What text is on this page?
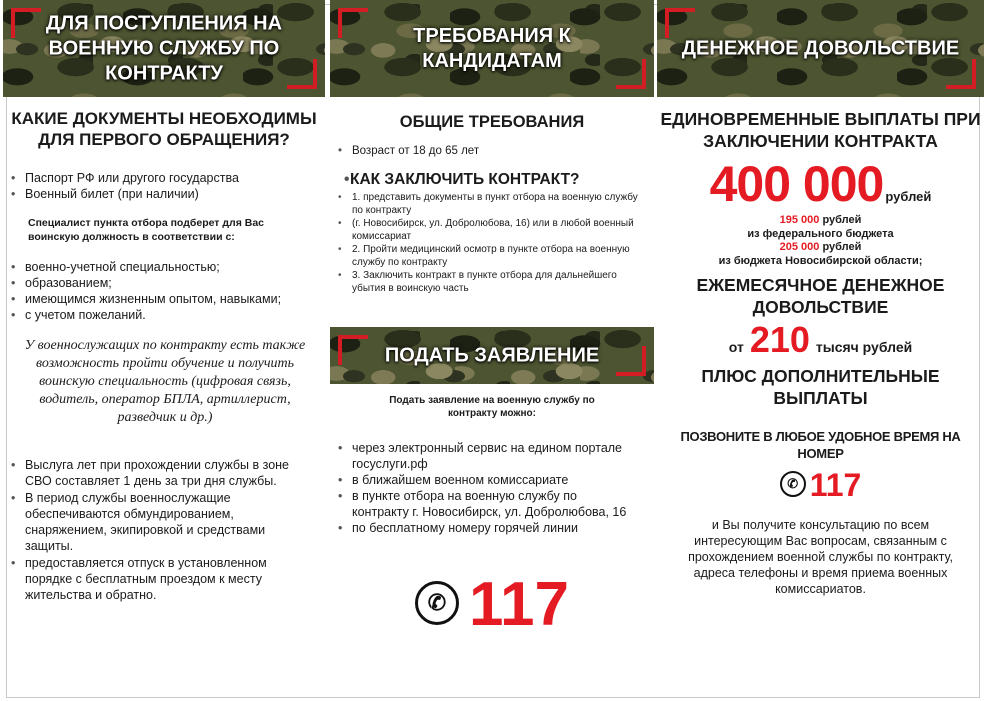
ДЛЯ ПОСТУПЛЕНИЯ НА ВОЕННУЮ СЛУЖБУ ПО КОНТРАКТУ
КАКИЕ ДОКУМЕНТЫ НЕОБХОДИМЫ ДЛЯ ПЕРВОГО ОБРАЩЕНИЯ?
• Паспорт РФ или другого государства
• Военный билет (при наличии)
Специалист пункта отбора подберет для Вас воинскую должность в соответствии с:
• военно-учетной специальностью;
• образованием;
• имеющимся жизненным опытом, навыками;
• с учетом пожеланий.
У военнослужащих по контракту есть также возможность пройти обучение и получить воинскую специальность (цифровая связь, водитель, оператор БПЛА, артиллерист, разведчик и др.)
• Выслуга лет при прохождении службы в зоне СВО составляет 1 день за три дня службы.
• В период службы военнослужащие обеспечиваются обмундированием, снаряжением, экипировкой и средствами защиты.
• предоставляется отпуск в установленном порядке с бесплатным проездом к месту жительства и обратно.
ТРЕБОВАНИЯ К КАНДИДАТАМ
ОБЩИЕ ТРЕБОВАНИЯ
• Возраст от 18 до 65 лет
• КАК ЗАКЛЮЧИТЬ КОНТРАКТ?
• 1. представить документы в пункт отбора на военную службу по контракту
• (г. Новосибирск, ул. Добролюбова, 16) или в любой военный комиссариат
• 2. Пройти медицинский осмотр в пункте отбора на военную службу по контракту
• 3. Заключить контракт в пункте отбора для дальнейшего убытия в воинскую часть
ПОДАТЬ ЗАЯВЛЕНИЕ
Подать заявление на военную службу по контракту можно:
• через электронный сервис на едином портале госуслуги.рф
• в ближайшем военном комиссариате
• в пункте отбора на военную службу по контракту г. Новосибирск, ул. Добролюбова, 16
• по бесплатному номеру горячей линии
✆ 117
ДЕНЕЖНОЕ ДОВОЛЬСТВИЕ
ЕДИНОВРЕМЕННЫЕ ВЫПЛАТЫ ПРИ ЗАКЛЮЧЕНИИ КОНТРАКТА
400 000 рублей
195 000 рублей
из федерального бюджета
205 000 рублей
из бюджета Новосибирской области;
ЕЖЕМЕСЯЧНОЕ ДЕНЕЖНОЕ ДОВОЛЬСТВИЕ
от 210 тысяч рублей
ПЛЮС ДОПОЛНИТЕЛЬНЫЕ ВЫПЛАТЫ
ПОЗВОНИТЕ В ЛЮБОЕ УДОБНОЕ ВРЕМЯ НА НОМЕР
✆ 117
и Вы получите консультацию по всем интересующим Вас вопросам, связанным с прохождением военной службы по контракту, адреса телефоны и время приема военных комиссариатов.
